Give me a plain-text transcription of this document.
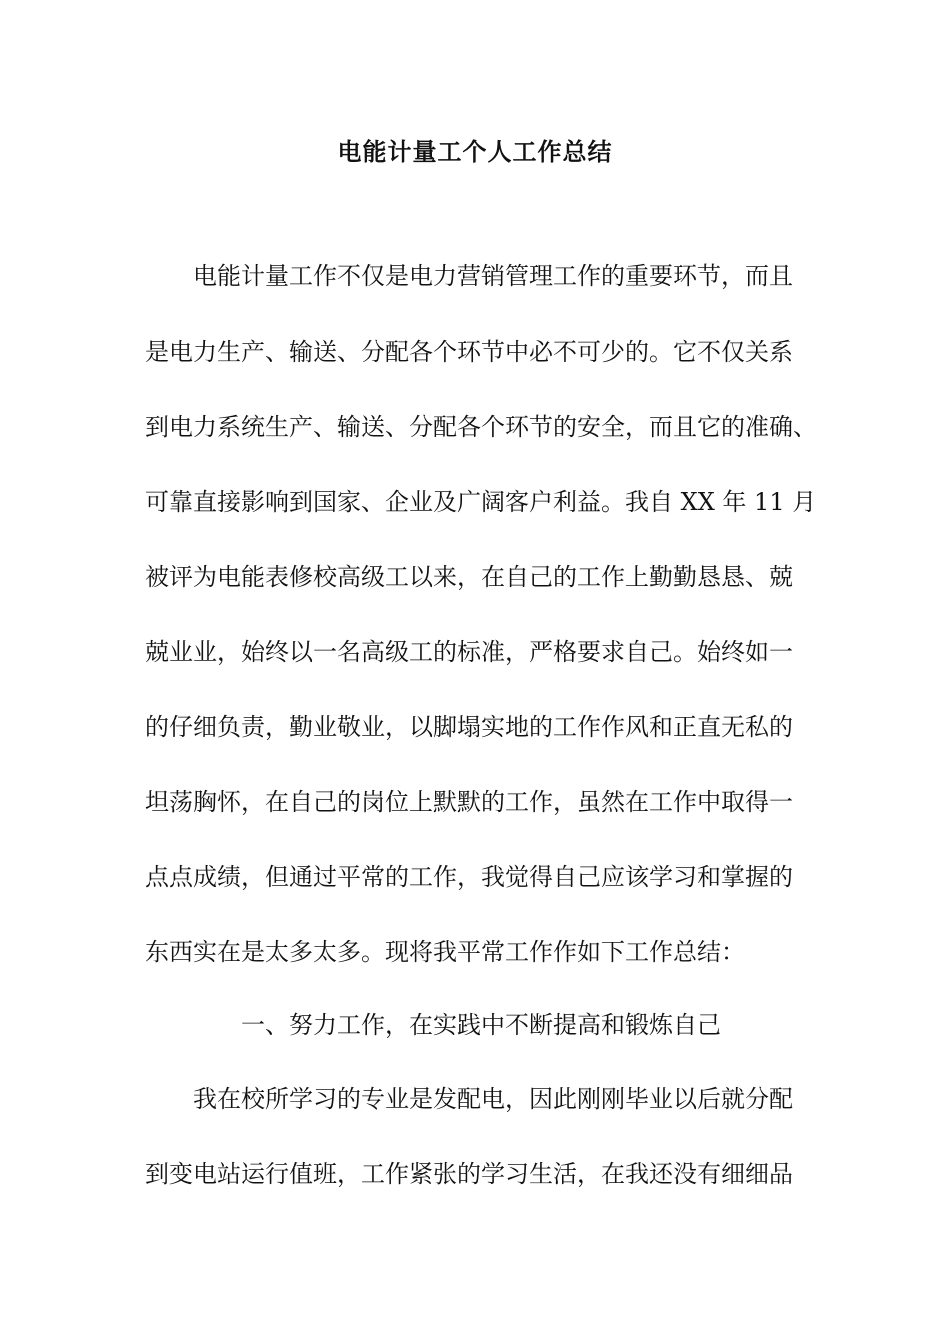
电能计量工个人工作总结
电能计量工作不仅是电力营销管理工作的重要环节，而且
是电力生产、输送、分配各个环节中必不可少的。它不仅关系
到电力系统生产、输送、分配各个环节的安全，而且它的准确、
可靠直接影响到国家、企业及广阔客户利益。我自 XX 年 11 月
被评为电能表修校高级工以来，在自己的工作上勤勤恳恳、兢
兢业业，始终以一名高级工的标准，严格要求自己。始终如一
的仔细负责，勤业敬业，以脚塌实地的工作作风和正直无私的
坦荡胸怀，在自己的岗位上默默的工作，虽然在工作中取得一
点点成绩，但通过平常的工作，我觉得自己应该学习和掌握的
东西实在是太多太多。现将我平常工作作如下工作总结：
一、努力工作，在实践中不断提高和锻炼自己
我在校所学习的专业是发配电，因此刚刚毕业以后就分配
到变电站运行值班，工作紧张的学习生活，在我还没有细细品
